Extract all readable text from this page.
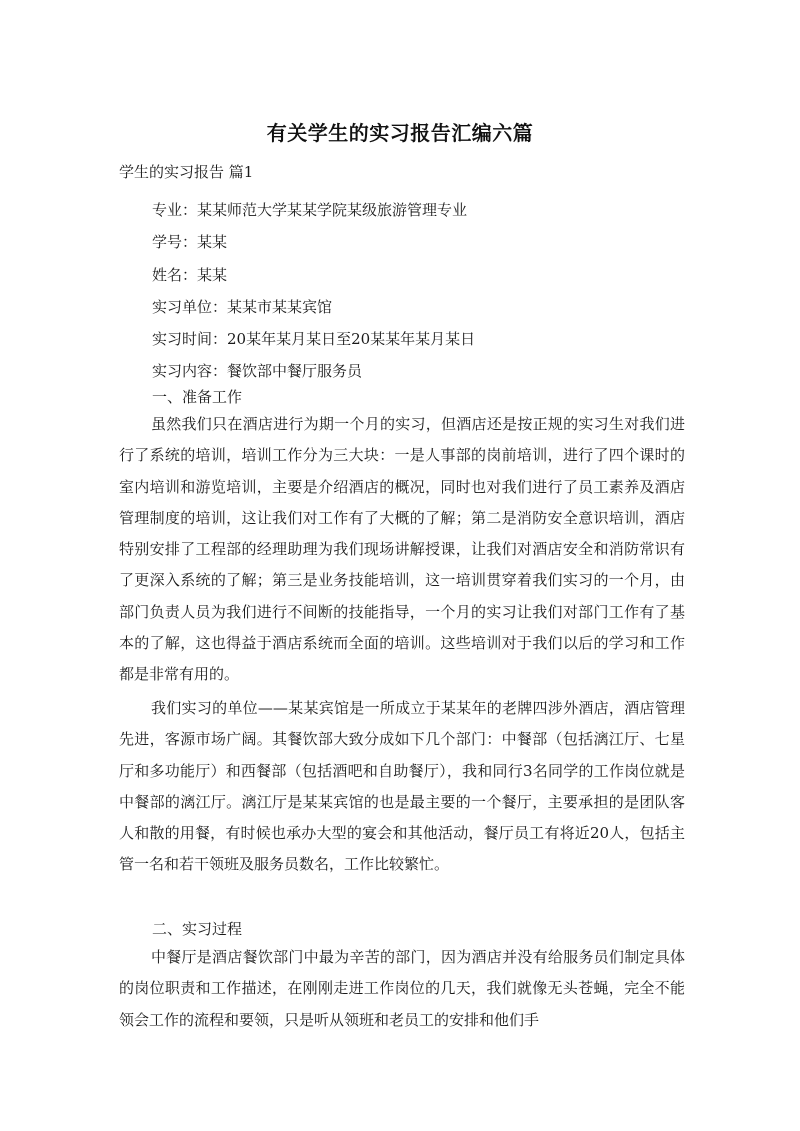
有关学生的实习报告汇编六篇
学生的实习报告 篇1

专业：某某师范大学某某学院某级旅游管理专业

学号：某某

姓名：某某

实习单位：某某市某某宾馆

实习时间：20某年某月某日至20某某年某月某日

实习内容：餐饮部中餐厅服务员

一、准备工作

虽然我们只在酒店进行为期一个月的实习，但酒店还是按正规的实习生对我们进行了系统的培训，培训工作分为三大块：一是人事部的岗前培训，进行了四个课时的室内培训和游览培训，主要是介绍酒店的概况，同时也对我们进行了员工素养及酒店管理制度的培训，这让我们对工作有了大概的了解；第二是消防安全意识培训，酒店特别安排了工程部的经理助理为我们现场讲解授课，让我们对酒店安全和消防常识有了更深入系统的了解；第三是业务技能培训，这一培训贯穿着我们实习的一个月，由部门负责人员为我们进行不间断的技能指导，一个月的实习让我们对部门工作有了基本的了解，这也得益于酒店系统而全面的培训。这些培训对于我们以后的学习和工作都是非常有用的。

我们实习的单位——某某宾馆是一所成立于某某年的老牌四涉外酒店，酒店管理先进，客源市场广阔。其餐饮部大致分成如下几个部门：中餐部（包括漓江厅、七星厅和多功能厅）和西餐部（包括酒吧和自助餐厅），我和同行3名同学的工作岗位就是中餐部的漓江厅。漓江厅是某某宾馆的也是最主要的一个餐厅，主要承担的是团队客人和散的用餐，有时候也承办大型的宴会和其他活动，餐厅员工有将近20人，包括主管一名和若干领班及服务员数名，工作比较繁忙。

二、实习过程

中餐厅是酒店餐饮部门中最为辛苦的部门，因为酒店并没有给服务员们制定具体的岗位职责和工作描述，在刚刚走进工作岗位的几天，我们就像无头苍蝇，完全不能领会工作的流程和要领，只是听从领班和老员工的安排和他们手
